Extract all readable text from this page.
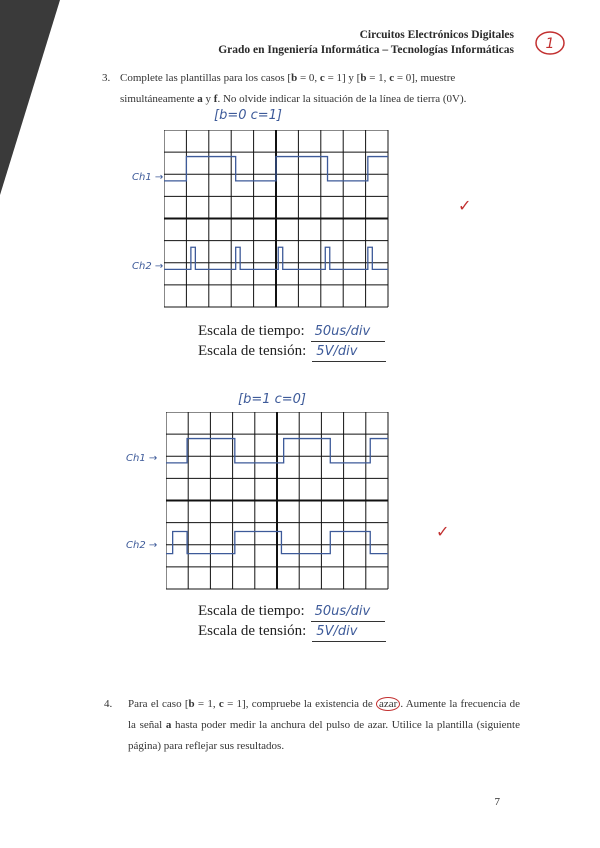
Circuitos Electrónicos Digitales
Grado en Ingeniería Informática – Tecnologías Informáticas 1
3. Complete las plantillas para los casos [b = 0, c = 1] y [b = 1, c = 0], muestre simultáneamente a y f. No olvide indicar la situación de la línea de tierra (0V).
[b=0 c=1]
Ch1 →
Ch2 →
✓
Escala de tiempo: 50us/div
Escala de tensión: 5V/div
[b=1 c=0]
Ch1 →
Ch2 →
✓
Escala de tiempo: 50us/div
Escala de tensión: 5V/div
4. Para el caso [b = 1, c = 1], compruebe la existencia de azar . Aumente la frecuencia de la señal a hasta poder medir la anchura del pulso de azar. Utilice la plantilla (siguiente página) para reflejar sus resultados.
7
